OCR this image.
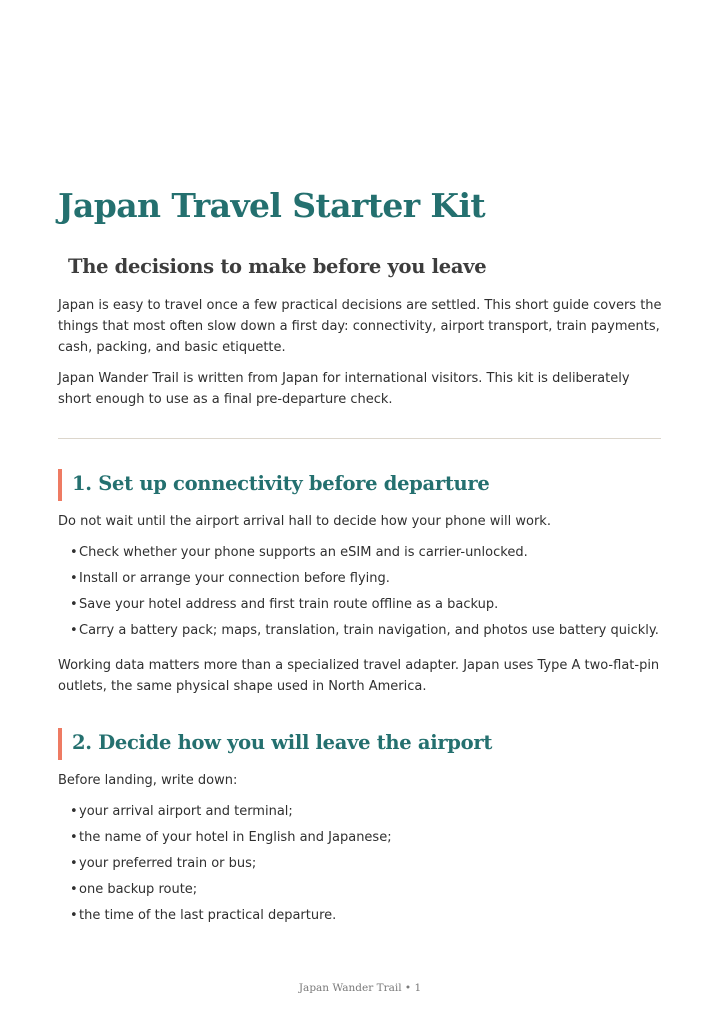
Japan Travel Starter Kit
The decisions to make before you leave

Japan is easy to travel once a few practical decisions are settled. This short guide covers the things that most often slow down a first day: connectivity, airport transport, train payments, cash, packing, and basic etiquette.

Japan Wander Trail is written from Japan for international visitors. This kit is deliberately short enough to use as a final pre-departure check.

1. Set up connectivity before departure

Do not wait until the airport arrival hall to decide how your phone will work.

•Check whether your phone supports an eSIM and is carrier-unlocked.
•Install or arrange your connection before flying.
•Save your hotel address and first train route offline as a backup.
•Carry a battery pack; maps, translation, train navigation, and photos use battery quickly.

Working data matters more than a specialized travel adapter. Japan uses Type A two-flat-pin outlets, the same physical shape used in North America.

2. Decide how you will leave the airport

Before landing, write down:

•your arrival airport and terminal;
•the name of your hotel in English and Japanese;
•your preferred train or bus;
•one backup route;
•the time of the last practical departure.
Japan Wander Trail • 1
